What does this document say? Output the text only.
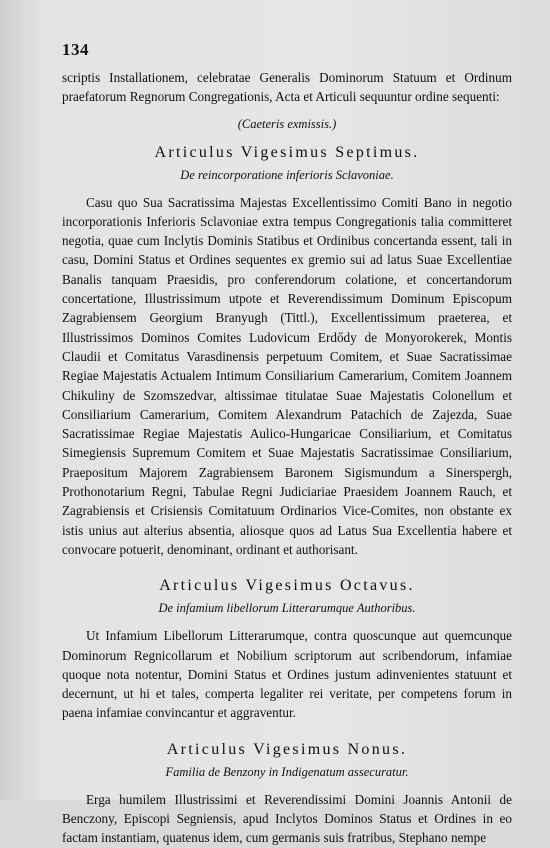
134
scriptis Installationem, celebratae Generalis Dominorum Statuum et Ordinum praefatorum Regnorum Congregationis, Acta et Articuli sequuntur ordine sequenti:
(Caeteris exmissis.)
Articulus Vigesimus Septimus.
De reincorporatione inferioris Sclavoniae.
Casu quo Sua Sacratissima Majestas Excellentissimo Comiti Bano in negotio incorporationis Inferioris Sclavoniae extra tempus Congregationis talia committeret negotia, quae cum Inclytis Dominis Statibus et Ordinibus concertanda essent, tali in casu, Domini Status et Ordines sequentes ex gremio sui ad latus Suae Excellentiae Banalis tanquam Praesidis, pro conferendorum colatione, et concertandorum concertatione, Illustrissimum utpote et Reverendissimum Dominum Episcopum Zagrabiensem Georgium Branyugh (Tittl.), Excellentissimum praeterea, et Illustrissimos Dominos Comites Ludovicum Erdődy de Monyorokerek, Montis Claudii et Comitatus Varasdinensis perpetuum Comitem, et Suae Sacratissimae Regiae Majestatis Actualem Intimum Consiliarium Camerarium, Comitem Joannem Chikuliny de Szomszedvar, altissimae titulatae Suae Majestatis Colonellum et Consiliarium Camerarium, Comitem Alexandrum Patachich de Zajezda, Suae Sacratissimae Regiae Majestatis Aulico-Hungaricae Consiliarium, et Comitatus Simegiensis Supremum Comitem et Suae Majestatis Sacratissimae Consiliarium, Praepositum Majorem Zagrabiensem Baronem Sigismundum a Sinerspergh, Prothonotarium Regni, Tabulae Regni Judiciariae Praesidem Joannem Rauch, et Zagrabiensis et Crisiensis Comitatuum Ordinarios Vice-Comites, non obstante ex istis unius aut alterius absentia, aliosque quos ad Latus Sua Excellentia habere et convocare potuerit, denominant, ordinant et authorisant.
Articulus Vigesimus Octavus.
De infamium libellorum Litterarumque Authoribus.
Ut Infamium Libellorum Litterarumque, contra quoscunque aut quemcunque Dominorum Regnicollarum et Nobilium scriptorum aut scribendorum, infamiae quoque nota notentur, Domini Status et Ordines justum adinvenientes statuunt et decernunt, ut hi et tales, comperta legaliter rei veritate, per competens forum in paena infamiae convincantur et aggraventur.
Articulus Vigesimus Nonus.
Familia de Benzony in Indigenatum assecuratur.
Erga humilem Illustrissimi et Reverendissimi Domini Joannis Antonii de Benczony, Episcopi Segniensis, apud Inclytos Dominos Status et Ordines in eo factam instantiam, quatenus idem, cum germanis suis fratribus, Stephano nempe
